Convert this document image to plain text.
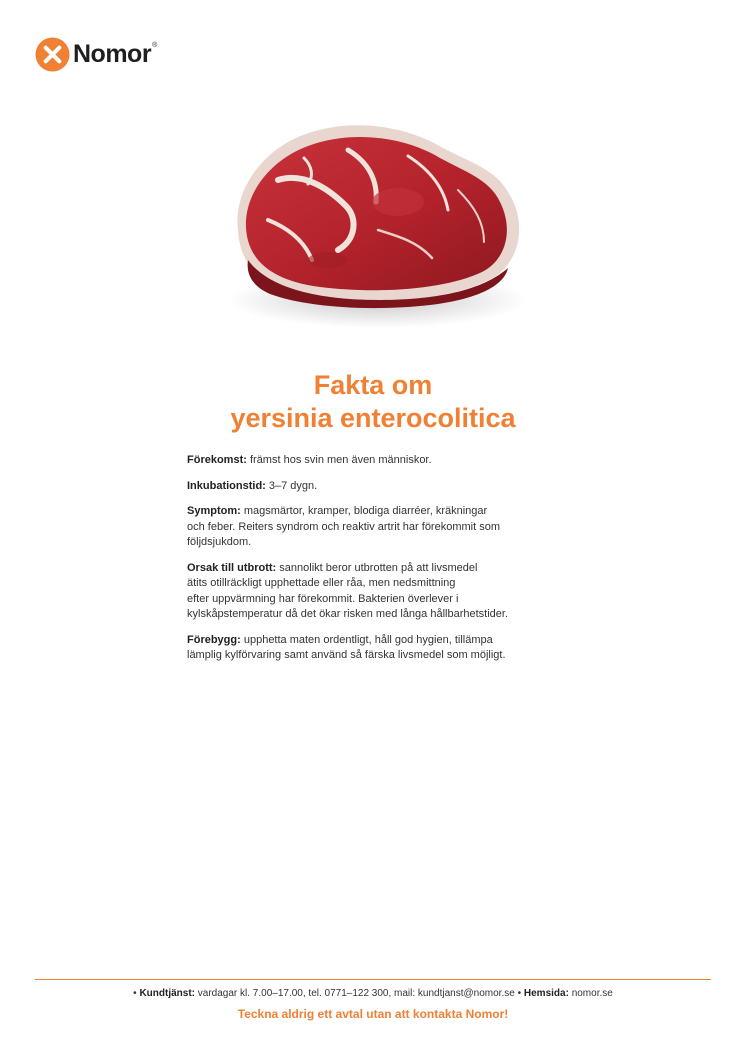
Nomor ®
Fakta om
yersinia enterocolitica

Förekomst: främst hos svin men även människor.

Inkubationstid: 3–7 dygn.

Symptom: magsmärtor, kramper, blodiga diarréer, kräkningar
och feber. Reiters syndrom och reaktiv artrit har förekommit som
följdsjukdom.

Orsak till utbrott: sannolikt beror utbrotten på att livsmedel
ätits otillräckligt upphettade eller råa, men nedsmittning
efter uppvärmning har förekommit. Bakterien överlever i
kylskåpstemperatur då det ökar risken med långa hållbarhetstider.

Förebygg: upphetta maten ordentligt, håll god hygien, tillämpa
lämplig kylförvaring samt använd så färska livsmedel som möjligt.

• Kundtjänst: vardagar kl. 7.00–17.00, tel. 0771–122 300, mail: kundtjanst@nomor.se • Hemsida: nomor.se
Teckna aldrig ett avtal utan att kontakta Nomor!
